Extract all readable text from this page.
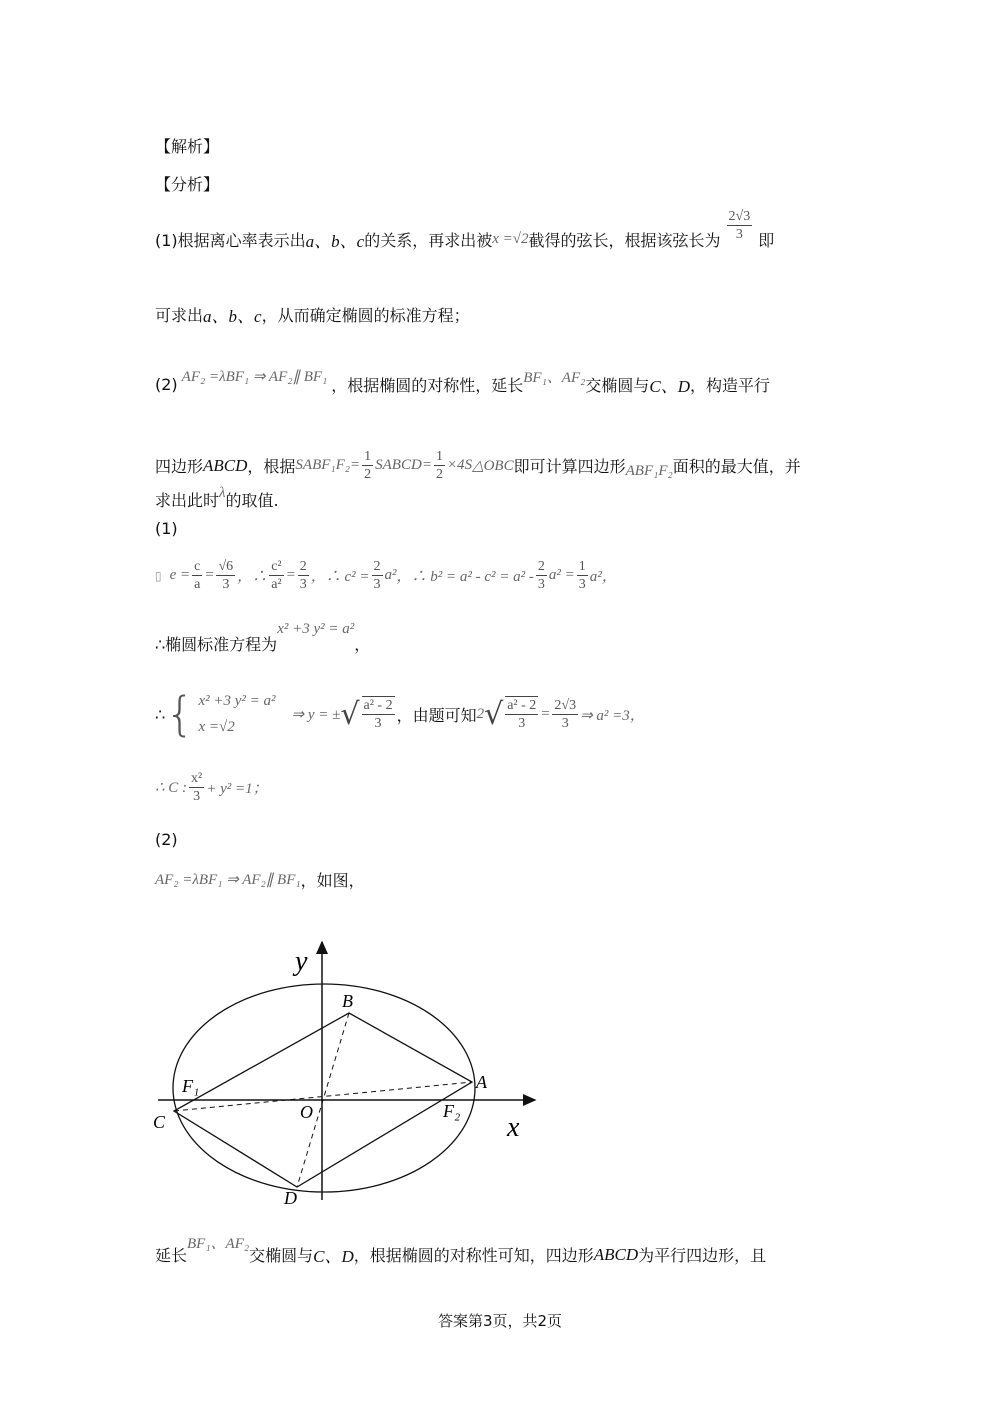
【解析】
【分析】
(1)根据离心率表示出 a、b、c 的关系，再求出被 x =√2 截得的弦长，根据该弦长为 $\frac{2√3}{3}$ 即
可求出 a、b、c ，从而确定椭圆的标准方程；
(2) AF₂ =λBF₁ ⇒ AF₂∥ BF₁ ，根据椭圆的对称性，延长 BF₁、AF₂ 交椭圆与 C、D ，构造平行
四边形 ABCD ，根据 S $ABF_1F_2 = \frac{1}{2}$ S ABCD = $\frac{1}{2} \times 4$ S △OBC 即可计算四边形 ABF₁F₂ 面积的最大值，并
求出此时 λ 的取值.
(1)
▯ $e = \frac{c}{a} = \frac{√6}{3}$ ，∴ $\frac{\text{c²}}{\text{a²}} = \frac{2}{3}$ ，∴ $c^2 = \frac{2}{3} a^2$ ，∴ $b^2 = a^2 - c^2 = a^2 - \frac{2}{3} a^2 = \frac{1}{3} a^2$，
∴椭圆标准方程为
x² +3 y² = a²
，
∴ { x² +3 y² = a²
x =√2
⇒ y = ± √ $\frac{\text{a² - 2}}{3}$ ，由题可知 2 √ $\frac{\text{a² - 2}}{3} = \frac{2√3}{3}$ ⇒ a² =3，
∴ C : $\frac{\text{x²}}{3} + y^2 =1$；
(2)
AF₂ =λBF₁ ⇒ AF₂∥ BF₁ ，如图，
y
x
B
A
C
D
O
F₁
F₂
延长
BF₁、AF₂
交椭圆与 C、D ，根据椭圆的对称性可知，四边形 ABCD 为平行四边形，且
答案第3页，共2页
